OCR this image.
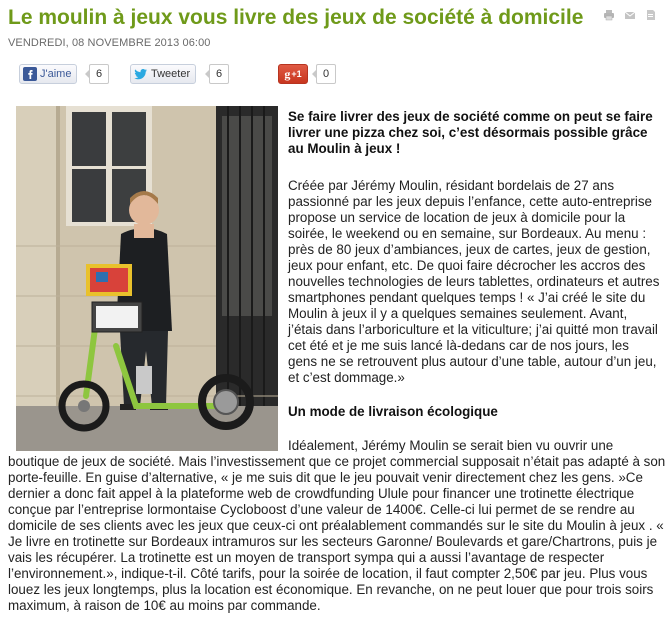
Le moulin à jeux vous livre des jeux de société à domicile
VENDREDI, 08 NOVEMBRE 2013 06:00
J'aime	6	Tweeter	6	g +1	0
Se faire livrer des jeux de société comme on peut se faire livrer une pizza chez soi, c’est désormais possible grâce au Moulin à jeux !

Créée par Jérémy Moulin, résidant bordelais de 27 ans passionné par les jeux depuis l’enfance, cette auto-entreprise propose un service de location de jeux à domicile pour la soirée, le weekend ou en semaine, sur Bordeaux. Au menu : près de 80 jeux d’ambiances, jeux de cartes, jeux de gestion, jeux pour enfant, etc. De quoi faire décrocher les accros des nouvelles technologies de leurs tablettes, ordinateurs et autres smartphones pendant quelques temps ! « J’ai créé le site du Moulin à jeux il y a quelques semaines seulement. Avant, j’étais dans l’arboriculture et la viticulture; j’ai quitté mon travail cet été et je me suis lancé là-dedans car de nos jours, les gens ne se retrouvent plus autour d’une table, autour d’un jeu, et c’est dommage.»

Un mode de livraison écologique

Idéalement, Jérémy Moulin se serait bien vu ouvrir une boutique de jeux de société. Mais l’investissement que ce projet commercial supposait n’était pas adapté à son porte-feuille. En guise d’alternative, « je me suis dit que le jeu pouvait venir directement chez les gens. »Ce dernier a donc fait appel à la plateforme web de crowdfunding Ulule pour financer une trotinette électrique conçue par l’entreprise lormontaise Cycloboost d’une valeur de 1400€. Celle-ci lui permet de se rendre au domicile de ses clients avec les jeux que ceux-ci ont préalablement commandés sur le site du Moulin à jeux . « Je livre en trotinette sur Bordeaux intramuros sur les secteurs Garonne/ Boulevards et gare/Chartrons, puis je vais les récupérer. La trotinette est un moyen de transport sympa qui a aussi l’avantage de respecter l’environnement.», indique-t-il. Côté tarifs, pour la soirée de location, il faut compter 2,50€ par jeu. Plus vous louez les jeux longtemps, plus la location est économique. En revanche, on ne peut louer que pour trois soirs maximum, à raison de 10€ au moins par commande.
